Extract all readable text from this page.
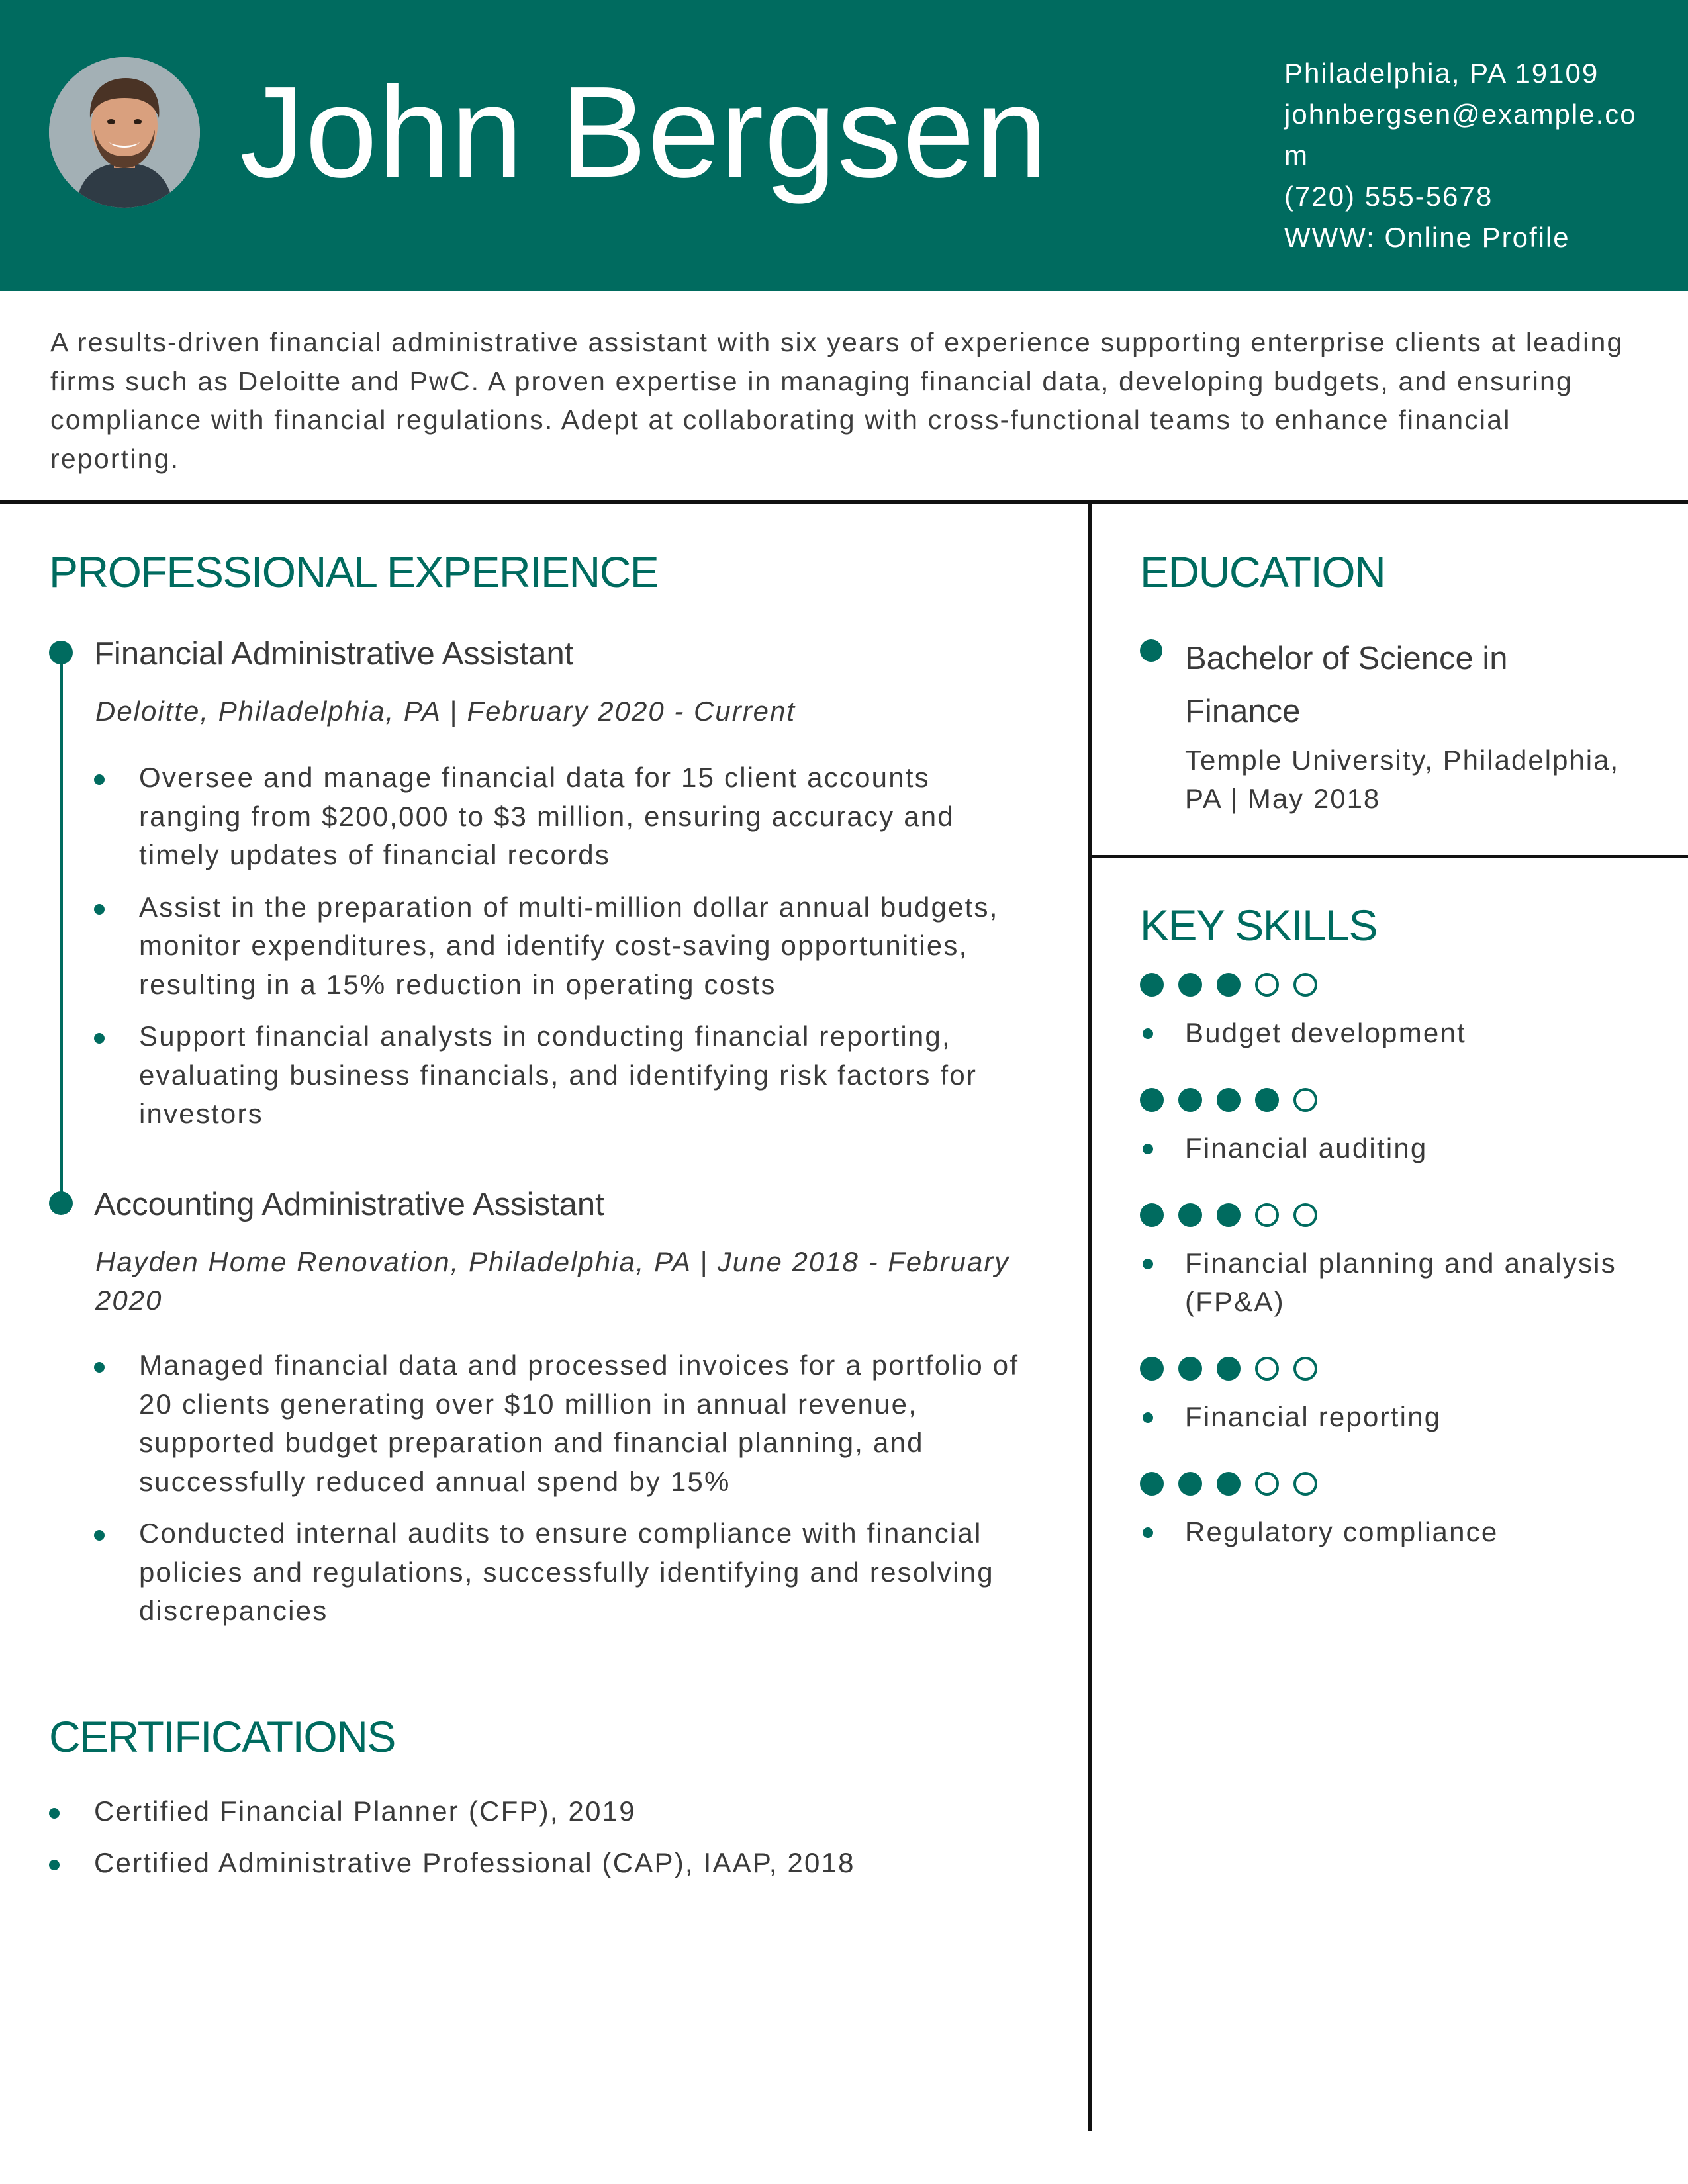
John Bergsen	Philadelphia, PA 19109
johnbergsen@example.com
(720) 555-5678
WWW: Online Profile

A results-driven financial administrative assistant with six years of experience supporting enterprise clients at leading firms such as Deloitte and PwC. A proven expertise in managing financial data, developing budgets, and ensuring compliance with financial regulations. Adept at collaborating with cross-functional teams to enhance financial reporting.

PROFESSIONAL EXPERIENCE
Financial Administrative Assistant
Deloitte, Philadelphia, PA | February 2020 - Current
Oversee and manage financial data for 15 client accounts ranging from $200,000 to $3 million, ensuring accuracy and timely updates of financial records
Assist in the preparation of multi-million dollar annual budgets, monitor expenditures, and identify cost-saving opportunities, resulting in a 15% reduction in operating costs
Support financial analysts in conducting financial reporting, evaluating business financials, and identifying risk factors for investors
Accounting Administrative Assistant
Hayden Home Renovation, Philadelphia, PA | June 2018 - February 2020
Managed financial data and processed invoices for a portfolio of 20 clients generating over $10 million in annual revenue, supported budget preparation and financial planning, and successfully reduced annual spend by 15%
Conducted internal audits to ensure compliance with financial policies and regulations, successfully identifying and resolving discrepancies
CERTIFICATIONS
Certified Financial Planner (CFP), 2019
Certified Administrative Professional (CAP), IAAP, 2018
EDUCATION
Bachelor of Science in Finance
Temple University, Philadelphia, PA | May 2018
KEY SKILLS
Budget development
Financial auditing
Financial planning and analysis (FP&A)
Financial reporting
Regulatory compliance
